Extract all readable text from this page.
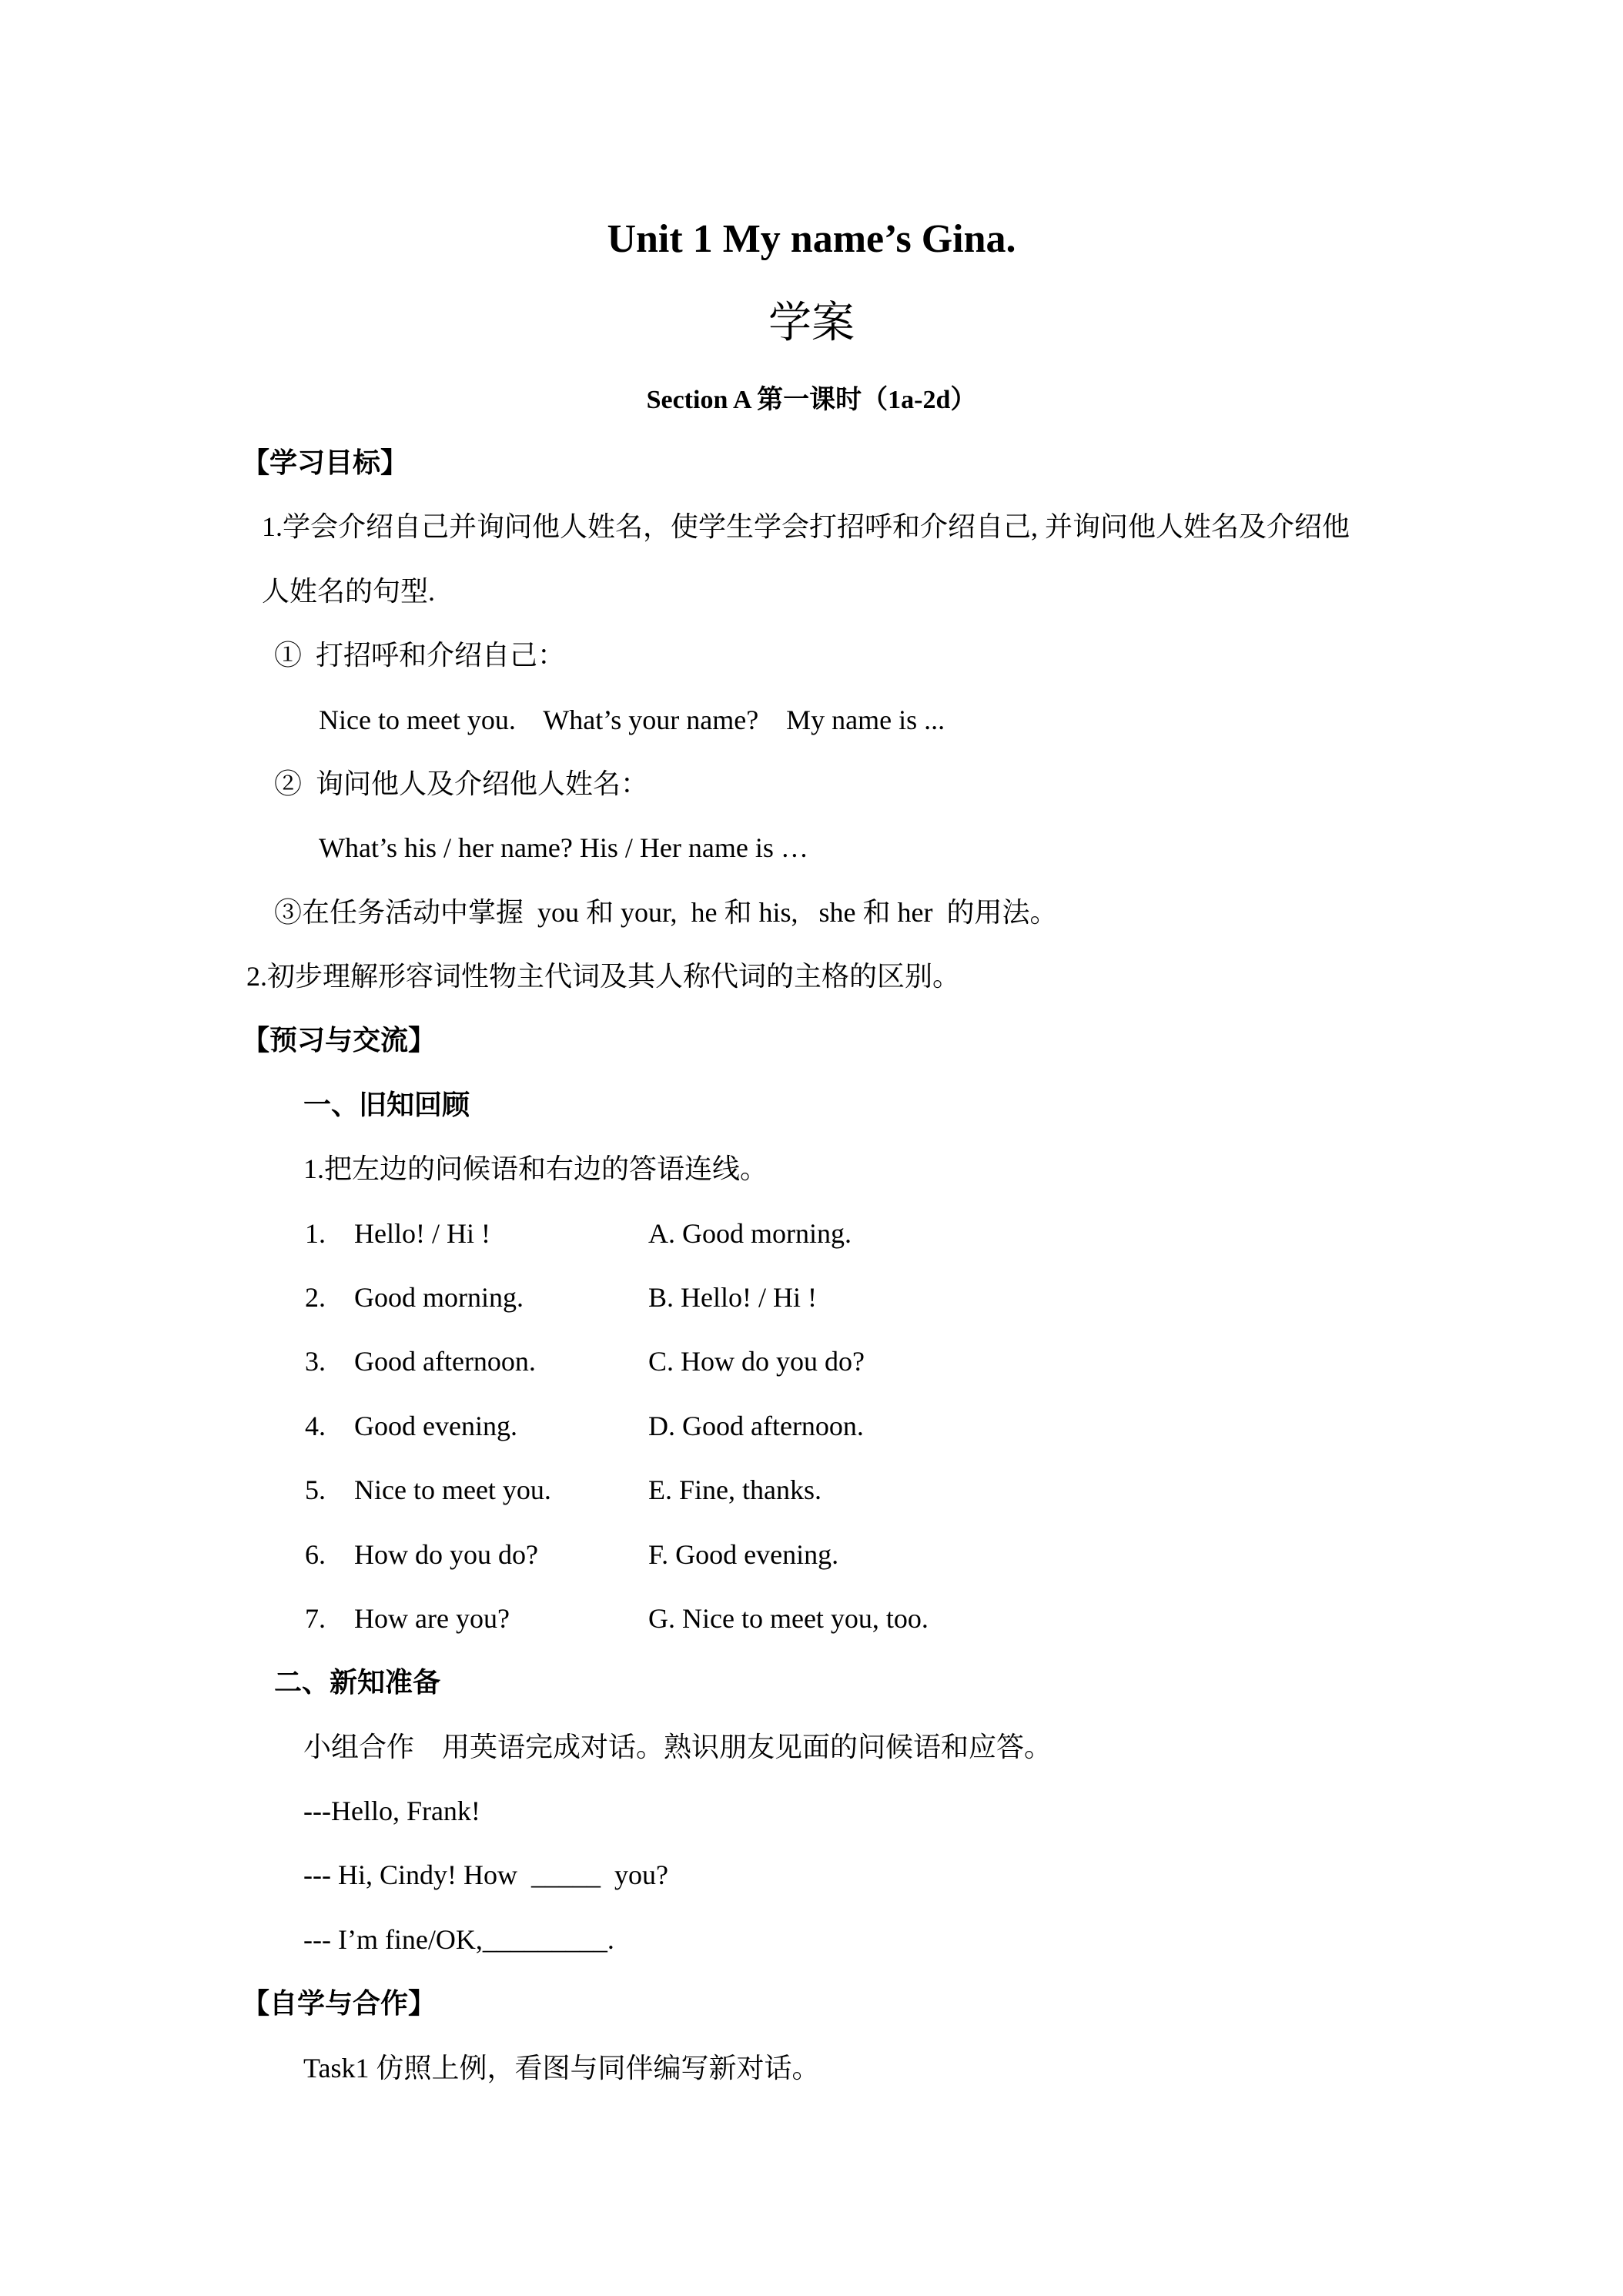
Unit 1 My name’s Gina.
学案
Section A 第一课时（1a-2d）
【学习目标】
1.学会介绍自己并询问他人姓名，使学生学会打招呼和介绍自己, 并询问他人姓名及介绍他
人姓名的句型.
①  打招呼和介绍自己：
Nice to meet you.    What’s your name?    My name is ...
②  询问他人及介绍他人姓名：
What’s his / her name? His / Her name is …
③在任务活动中掌握  you 和 your,  he 和 his,   she 和 her  的用法。
2.初步理解形容词性物主代词及其人称代词的主格的区别。
【预习与交流】
一、旧知回顾
1.把左边的问候语和右边的答语连线。
1. Hello! / Hi !	A. Good morning.
2. Good morning.	B. Hello! / Hi !
3. Good afternoon.	C. How do you do?
4. Good evening.	D. Good afternoon.
5. Nice to meet you.	E. Fine, thanks.
6. How do you do?	F. Good evening.
7. How are you?	G. Nice to meet you, too.
二、新知准备
小组合作    用英语完成对话。熟识朋友见面的问候语和应答。
---Hello, Frank!
--- Hi, Cindy! How  _____  you?
--- I’m fine/OK,_________.
【自学与合作】
Task1 仿照上例，看图与同伴编写新对话。
